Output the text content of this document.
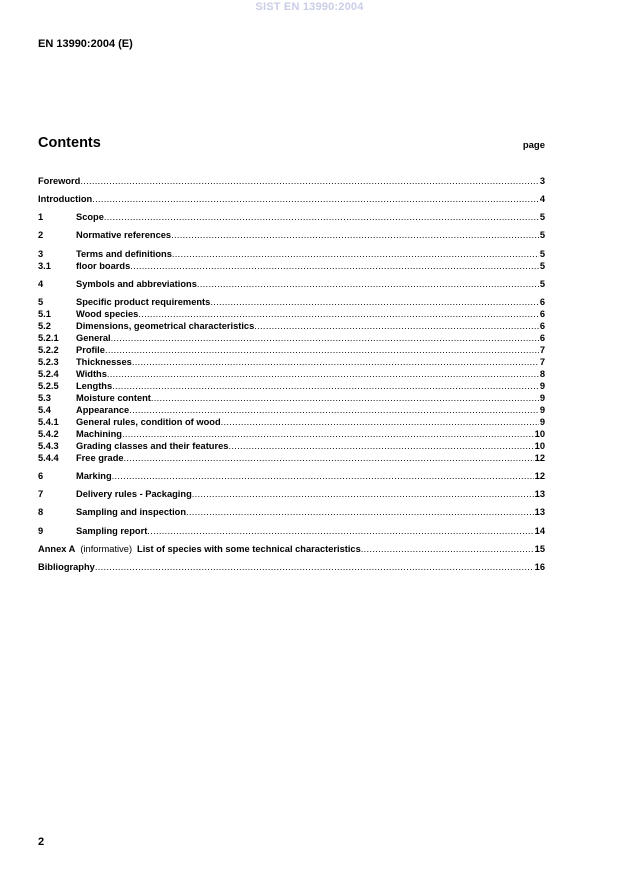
SIST EN 13990:2004
EN 13990:2004 (E)
Contents	page
Foreword .....	3
Introduction .....	4
1	Scope .....	5
2	Normative references .....	5
3	Terms and definitions .....	5
3.1	floor boards .....	5
4	Symbols and abbreviations .....	5
5	Specific product requirements .....	6
5.1	Wood species .....	6
5.2	Dimensions, geometrical characteristics .....	6
5.2.1	General .....	6
5.2.2	Profile .....	7
5.2.3	Thicknesses .....	7
5.2.4	Widths .....	8
5.2.5	Lengths .....	9
5.3	Moisture content .....	9
5.4	Appearance .....	9
5.4.1	General rules, condition of wood .....	9
5.4.2	Machining .....	10
5.4.3	Grading classes and their features .....	10
5.4.4	Free grade .....	12
6	Marking .....	12
7	Delivery rules - Packaging .....	13
8	Sampling and inspection .....	13
9	Sampling report .....	14
Annex A (informative) List of species with some technical characteristics .....	15
Bibliography .....	16
2
